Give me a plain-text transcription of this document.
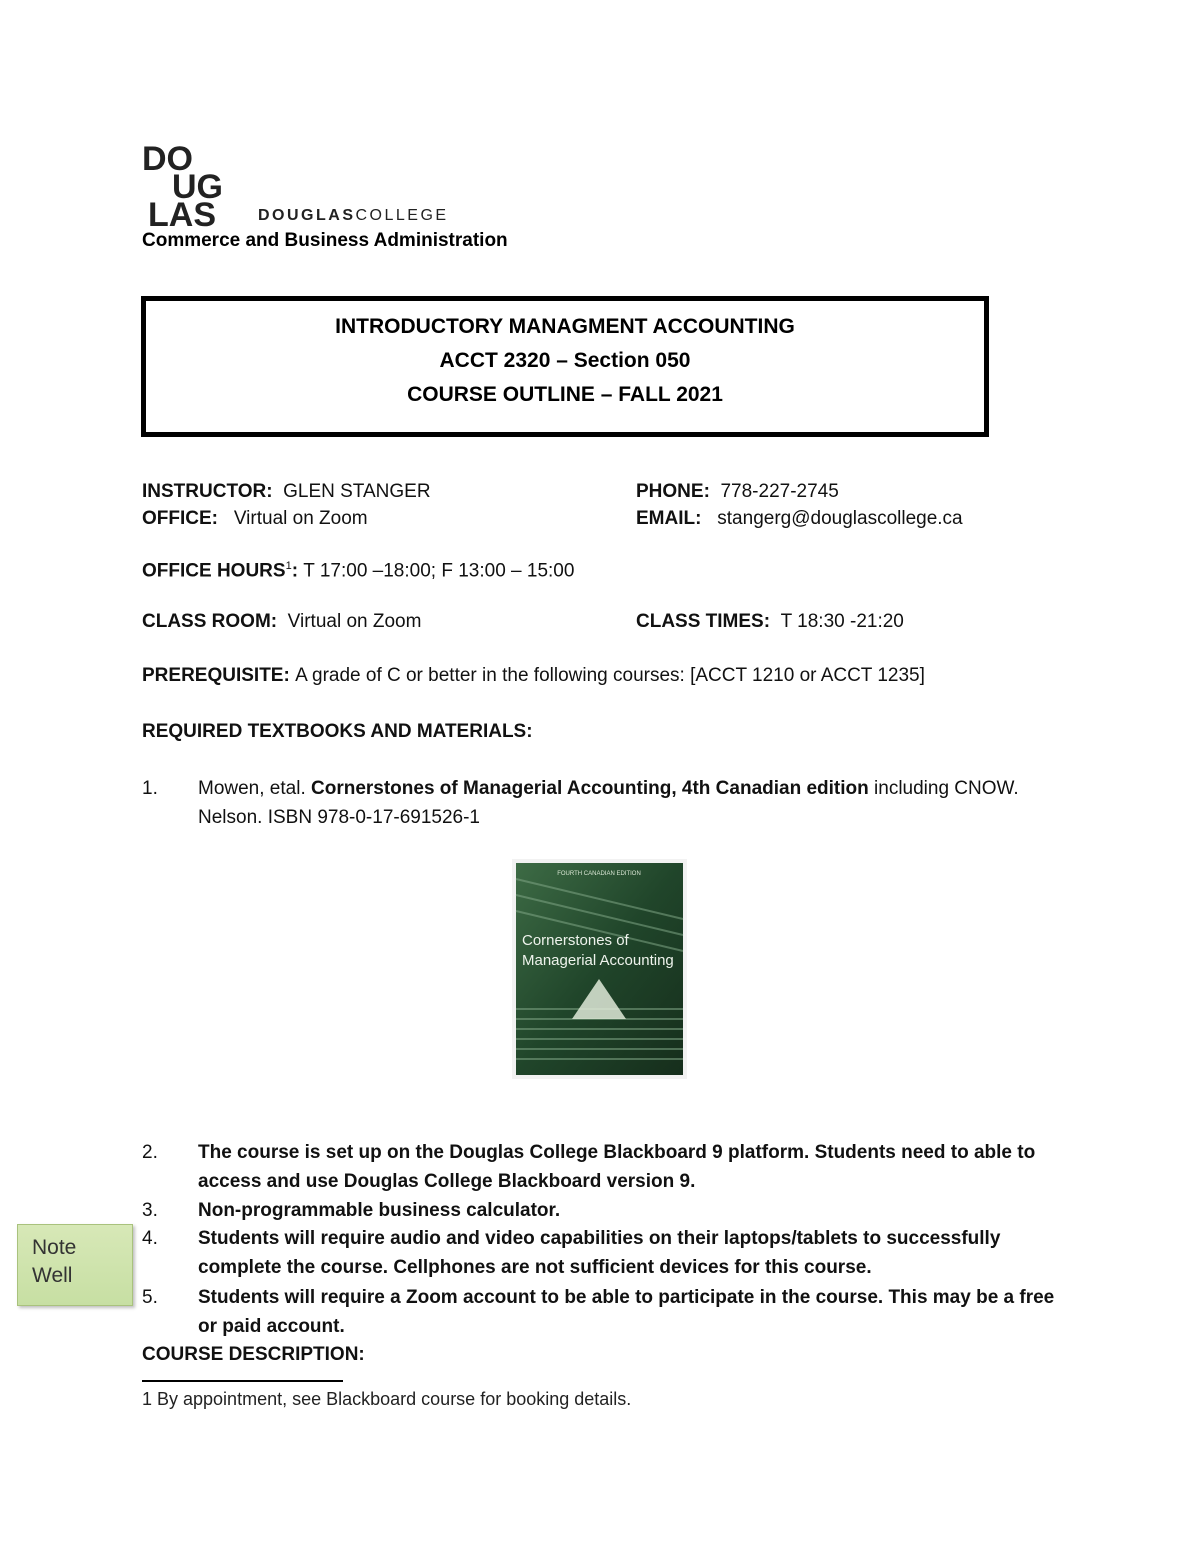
DO
UG
LAS	DOUGLASCOLLEGE
Commerce and Business Administration
INTRODUCTORY MANAGMENT ACCOUNTING
ACCT 2320 – Section 050
COURSE OUTLINE – FALL 2021
INSTRUCTOR: GLEN STANGER	PHONE: 778-227-2745
OFFICE: Virtual on Zoom	EMAIL: stangerg@douglascollege.ca
OFFICE HOURS$^1$: T 17:00 –18:00; F 13:00 – 15:00
CLASS ROOM: Virtual on Zoom	CLASS TIMES: T 18:30 -21:20
PREREQUISITE: A grade of C or better in the following courses: [ACCT 1210 or ACCT 1235]
REQUIRED TEXTBOOKS AND MATERIALS:
1. Mowen, etal. Cornerstones of Managerial Accounting, 4th Canadian edition including CNOW. Nelson. ISBN 978-0-17-691526-1
FOURTH CANADIAN EDITION
Cornerstones of
Managerial Accounting
2. The course is set up on the Douglas College Blackboard 9 platform. Students need to able to access and use Douglas College Blackboard version 9.
3. Non-programmable business calculator.
4. Students will require audio and video capabilities on their laptops/tablets to successfully complete the course. Cellphones are not sufficient devices for this course.
5. Students will require a Zoom account to be able to participate in the course. This may be a free or paid account.
COURSE DESCRIPTION:
Note
Well
1 By appointment, see Blackboard course for booking details.
